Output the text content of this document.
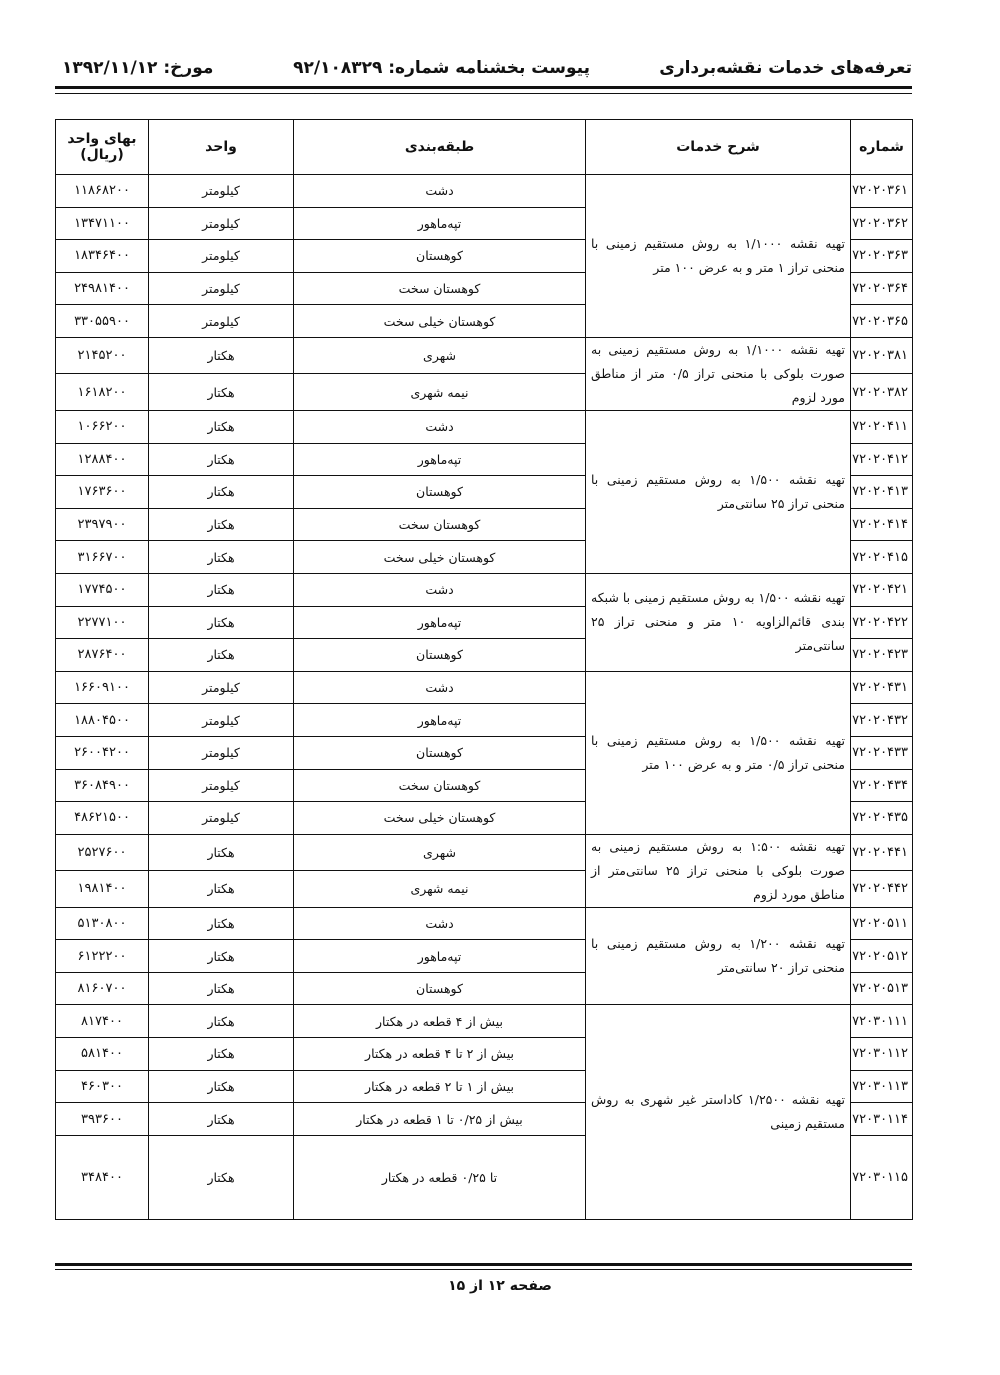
تعرفه‌های خدمات نقشه‌برداری
پیوست بخشنامه شماره: ۹۲/۱۰۸۳۲۹
مورخ: ۱۳۹۲/۱۱/۱۲
شماره	شرح خدمات	طبقه‌بندی	واحد	بهای واحد (ریال)
۷۲۰۲۰۳۶۱	تهیه نقشه ۱/۱۰۰۰ به روش مستقیم زمینی با منحنی تراز ۱ متر و به عرض ۱۰۰ متر	دشت	کیلومتر	۱۱۸۶۸۲۰۰
۷۲۰۲۰۳۶۲		تپه‌ماهور	کیلومتر	۱۳۴۷۱۱۰۰
۷۲۰۲۰۳۶۳		کوهستان	کیلومتر	۱۸۳۴۶۴۰۰
۷۲۰۲۰۳۶۴		کوهستان سخت	کیلومتر	۲۴۹۸۱۴۰۰
۷۲۰۲۰۳۶۵		کوهستان خیلی سخت	کیلومتر	۳۳۰۵۵۹۰۰
۷۲۰۲۰۳۸۱	تهیه نقشه ۱/۱۰۰۰ به روش مستقیم زمینی به صورت بلوکی با منحنی تراز ۰/۵ متر از مناطق مورد لزوم	شهری	هکتار	۲۱۴۵۲۰۰
۷۲۰۲۰۳۸۲		نیمه شهری	هکتار	۱۶۱۸۲۰۰
۷۲۰۲۰۴۱۱	تهیه نقشه ۱/۵۰۰ به روش مستقیم زمینی با منحنی تراز ۲۵ سانتی‌متر	دشت	هکتار	۱۰۶۶۲۰۰
۷۲۰۲۰۴۱۲		تپه‌ماهور	هکتار	۱۲۸۸۴۰۰
۷۲۰۲۰۴۱۳		کوهستان	هکتار	۱۷۶۳۶۰۰
۷۲۰۲۰۴۱۴		کوهستان سخت	هکتار	۲۳۹۷۹۰۰
۷۲۰۲۰۴۱۵		کوهستان خیلی سخت	هکتار	۳۱۶۶۷۰۰
۷۲۰۲۰۴۲۱	تهیه نقشه ۱/۵۰۰ به روش مستقیم زمینی با شبکه بندی قائم‌الزاویه ۱۰ متر و منحنی تراز ۲۵ سانتی‌متر	دشت	هکتار	۱۷۷۴۵۰۰
۷۲۰۲۰۴۲۲		تپه‌ماهور	هکتار	۲۲۷۷۱۰۰
۷۲۰۲۰۴۲۳		کوهستان	هکتار	۲۸۷۶۴۰۰
۷۲۰۲۰۴۳۱	تهیه نقشه ۱/۵۰۰ به روش مستقیم زمینی با منحنی تراز ۰/۵ متر و به عرض ۱۰۰ متر	دشت	کیلومتر	۱۶۶۰۹۱۰۰
۷۲۰۲۰۴۳۲		تپه‌ماهور	کیلومتر	۱۸۸۰۴۵۰۰
۷۲۰۲۰۴۳۳		کوهستان	کیلومتر	۲۶۰۰۴۲۰۰
۷۲۰۲۰۴۳۴		کوهستان سخت	کیلومتر	۳۶۰۸۴۹۰۰
۷۲۰۲۰۴۳۵		کوهستان خیلی سخت	کیلومتر	۴۸۶۲۱۵۰۰
۷۲۰۲۰۴۴۱	تهیه نقشه ۱:۵۰۰ به روش مستقیم زمینی به صورت بلوکی با منحنی تراز ۲۵ سانتی‌متر از مناطق مورد لزوم	شهری	هکتار	۲۵۲۷۶۰۰
۷۲۰۲۰۴۴۲		نیمه شهری	هکتار	۱۹۸۱۴۰۰
۷۲۰۲۰۵۱۱	تهیه نقشه ۱/۲۰۰ به روش مستقیم زمینی با منحنی تراز ۲۰ سانتی‌متر	دشت	هکتار	۵۱۳۰۸۰۰
۷۲۰۲۰۵۱۲		تپه‌ماهور	هکتار	۶۱۲۲۲۰۰
۷۲۰۲۰۵۱۳		کوهستان	هکتار	۸۱۶۰۷۰۰
۷۲۰۳۰۱۱۱	تهیه نقشه ۱/۲۵۰۰ کاداستر غیر شهری به روش مستقیم زمینی	بیش از ۴ قطعه در هکتار	هکتار	۸۱۷۴۰۰
۷۲۰۳۰۱۱۲		بیش از ۲ تا ۴ قطعه در هکتار	هکتار	۵۸۱۴۰۰
۷۲۰۳۰۱۱۳		بیش از ۱ تا ۲ قطعه در هکتار	هکتار	۴۶۰۳۰۰
۷۲۰۳۰۱۱۴		بیش از ۰/۲۵ تا ۱ قطعه در هکتار	هکتار	۳۹۳۶۰۰
۷۲۰۳۰۱۱۵		تا ۰/۲۵ قطعه در هکتار	هکتار	۳۴۸۴۰۰
صفحه ۱۲ از ۱۵
